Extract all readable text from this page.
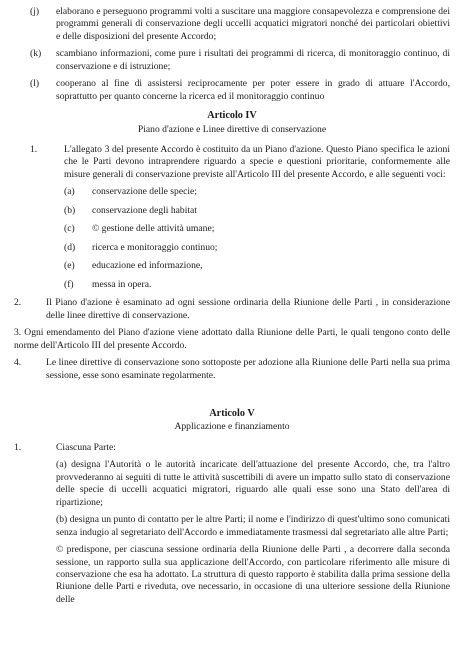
(j)	elaborano e perseguono programmi volti a suscitare una maggiore consapevolezza e comprensione dei programmi generali di conservazione degli uccelli acquatici migratori nonché dei particolari obiettivi e delle disposizioni del presente Accordo;
(k)	scambiano informazioni, come pure i risultati dei programmi di ricerca, di monitoraggio continuo, di conservazione e di istruzione;
(l)	cooperano al fine di assistersi reciprocamente per poter essere in grado di attuare l'Accordo, soprattutto per quanto concerne la ricerca ed il monitoraggio continuo
Articolo IV
Piano d'azione e Linee direttive di conservazione
1.	L'allegato 3 del presente Accordo è costituito da un Piano d'azione. Questo Piano specifica le azioni che le Parti devono intraprendere riguardo a specie e questioni prioritarie, conformemente alle misure generali di conservazione previste all'Articolo III del presente Accordo, e alle seguenti voci:
(a)	conservazione delle specie;
(b)	conservazione degli habitat
(c)	© gestione delle attività umane;
(d)	ricerca e monitoraggio continuo;
(e)	educazione ed informazione,
(f)	messa in opera.
2.	Il Piano d'azione è esaminato ad ogni sessione ordinaria della Riunione delle Parti , in considerazione delle linee direttive di conservazione.
3. Ogni emendamento del Piano d'azione viene adottato dalla Riunione delle Parti, le quali tengono conto delle norme dell'Articolo III del presente Accordo.
4.	Le linee direttive di conservazione sono sottoposte per adozione alla Riunione delle Parti nella sua prima sessione, esse sono esaminate regolarmente.
Articolo V
Applicazione e finanziamento
1.	Ciascuna Parte:
(a) designa l'Autorità o le autorità incaricate dell'attuazione del presente Accordo, che, tra l'altro provvederanno ai seguiti di tutte le attività suscettibili di avere un impatto sullo stato di conservazione delle specie di uccelli acquatici migratori, riguardo alle quali esse sono una Stato dell'area di ripartizione;
(b) designa un punto di contatto per le altre Parti; il nome e l'indirizzo di quest'ultimo sono comunicati senza indugio al segretariato dell'Accordo e immediatamente trasmessi dal segretariato alle altre Parti;
© predispone, per ciascuna sessione ordinaria della Riunione delle Parti , a decorrere dalla seconda sessione, un rapporto sulla sua applicazione dell'Accordo, con particolare riferimento alle misure di conservazione che esa ha adottato. La struttura di questo rapporto è stabilita dalla prima sessione della Riunione delle Parti e riveduta, ove necessario, in occasione di una ulteriore sessione della Riunione delle
